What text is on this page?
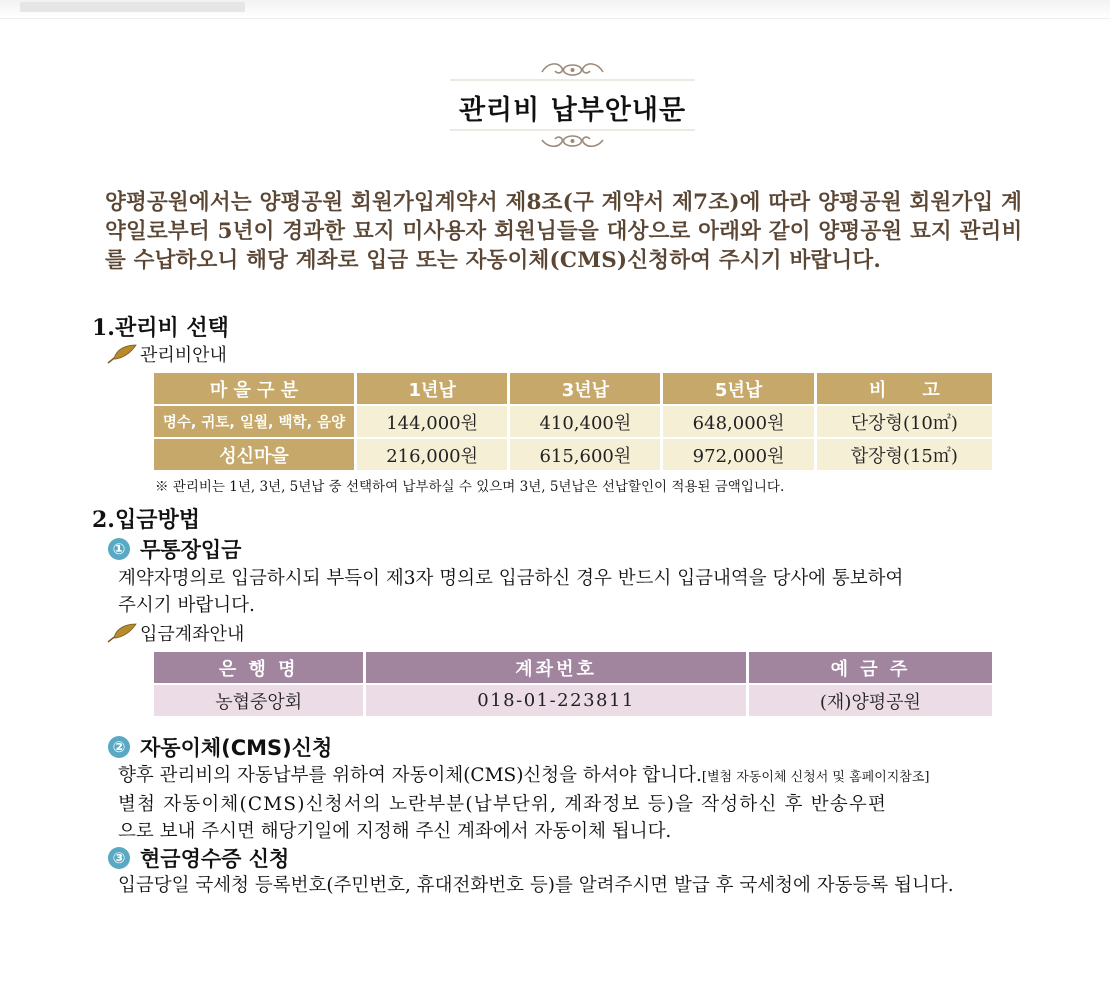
관리비 납부안내문
양평공원에서는 양평공원 회원가입계약서 제8조(구 계약서 제7조)에 따라 양평공원 회원가입 계약일로부터 5년이 경과한 묘지 미사용자 회원님들을 대상으로 아래와 같이 양평공원 묘지 관리비를 수납하오니 해당 계좌로 입금 또는 자동이체(CMS)신청하여 주시기 바랍니다.
1.관리비 선택
관리비안내
마 을 구 분	1년납	3년납	5년납	비　　고
명수, 귀토, 일월, 백학, 음양	144,000원	410,400원	648,000원	단장형(10㎡)
성신마을	216,000원	615,600원	972,000원	합장형(15㎡)
※ 관리비는 1년, 3년, 5년납 중 선택하여 납부하실 수 있으며 3년, 5년납은 선납할인이 적용된 금액입니다.
2.입금방법
① 무통장입금
계약자명의로 입금하시되 부득이 제3자 명의로 입금하신 경우 반드시 입금내역을 당사에 통보하여
주시기 바랍니다.
입금계좌안내
은 행 명	계좌번호	예 금 주
농협중앙회	018-01-223811	(재)양평공원
② 자동이체(CMS)신청
향후 관리비의 자동납부를 위하여 자동이체(CMS)신청을 하셔야 합니다.[별첨 자동이체 신청서 및 홈페이지참조]
별첨 자동이체(CMS)신청서의 노란부분(납부단위, 계좌정보 등)을 작성하신 후 반송우편
으로 보내 주시면 해당기일에 지정해 주신 계좌에서 자동이체 됩니다.
③ 현금영수증 신청
입금당일 국세청 등록번호(주민번호, 휴대전화번호 등)를 알려주시면 발급 후 국세청에 자동등록 됩니다.
